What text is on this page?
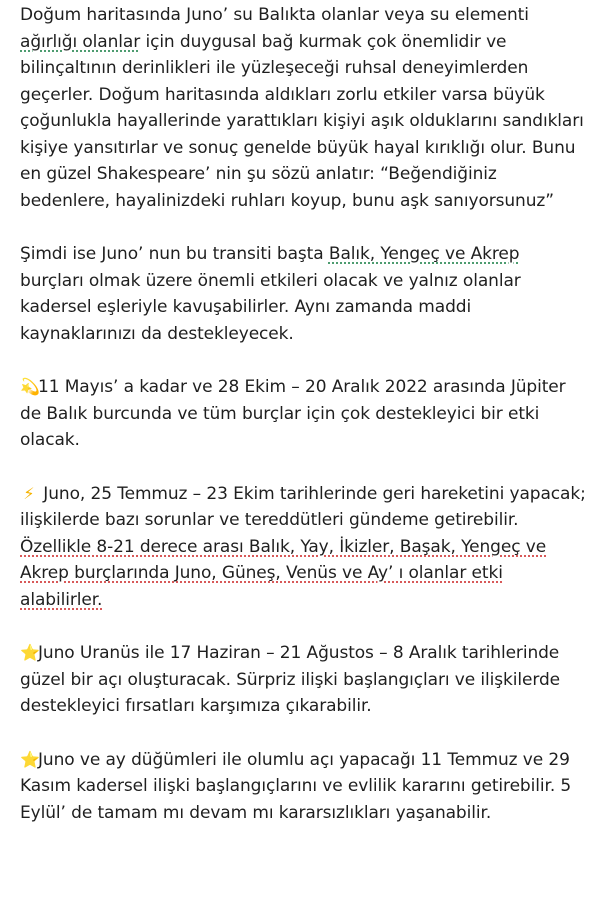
Doğum haritasında Juno’ su Balıkta olanlar veya su elementi ağırlığı olanlar için duygusal bağ kurmak çok önemlidir ve bilinçaltının derinlikleri ile yüzleşeceği ruhsal deneyimlerden geçerler. Doğum haritasında aldıkları zorlu etkiler varsa büyük çoğunlukla hayallerinde yarattıkları kişiyi aşık olduklarını sandıkları kişiye yansıtırlar ve sonuç genelde büyük hayal kırıklığı olur. Bunu en güzel Shakespeare’ nin şu sözü anlatır: “Beğendiğiniz bedenlere, hayalinizdeki ruhları koyup, bunu aşk sanıyorsunuz”

Şimdi ise Juno’ nun bu transiti başta Balık, Yengeç ve Akrep burçları olmak üzere önemli etkileri olacak ve yalnız olanlar kadersel eşleriyle kavuşabilirler. Aynı zamanda maddi kaynaklarınızı da destekleyecek.

💫11 Mayıs’ a kadar ve 28 Ekim – 20 Aralık 2022 arasında Jüpiter de Balık burcunda ve tüm burçlar için çok destekleyici bir etki olacak.

⚡ Juno, 25 Temmuz – 23 Ekim tarihlerinde geri hareketini yapacak; ilişkilerde bazı sorunlar ve tereddütleri gündeme getirebilir. Özellikle 8-21 derece arası Balık, Yay, İkizler, Başak, Yengeç ve Akrep burçlarında Juno, Güneş, Venüs ve Ay’ ı olanlar etki alabilirler.

⭐Juno Uranüs ile 17 Haziran – 21 Ağustos – 8 Aralık tarihlerinde güzel bir açı oluşturacak. Sürpriz ilişki başlangıçları ve ilişkilerde destekleyici fırsatları karşımıza çıkarabilir.

⭐Juno ve ay düğümleri ile olumlu açı yapacağı 11 Temmuz ve 29 Kasım kadersel ilişki başlangıçlarını ve evlilik kararını getirebilir. 5 Eylül’ de tamam mı devam mı kararsızlıkları yaşanabilir.
